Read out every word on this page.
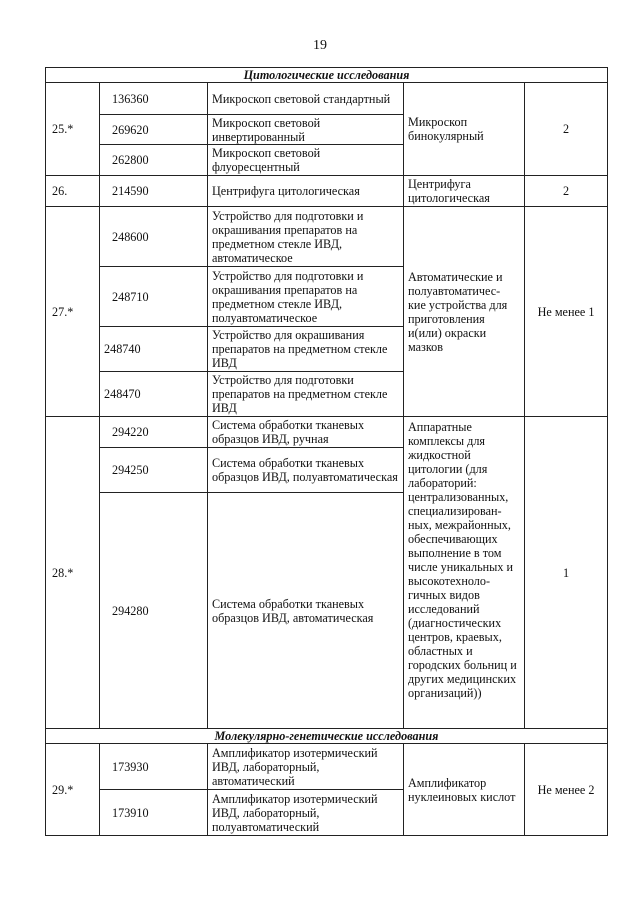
19
Цитологические исследования				
25.*	136360	Микроскоп световой стандартный	Микроскоп бинокулярный	2
	269620	Микроскоп световой инвертированный		
	262800	Микроскоп световой флуоресцентный		
26.	214590	Центрифуга цитологическая	Центрифуга цитологическая	2
27.*	248600	Устройство для подготовки и окрашивания препаратов на предметном стекле ИВД, автоматическое	Автоматические и полуавтоматичес- кие устройства для приготовления и(или) окраски мазков	Не менее 1
	248710	Устройство для подготовки и окрашивания препаратов на предметном стекле ИВД, полуавтоматическое		
	248740	Устройство для окрашивания препаратов на предметном стекле ИВД		
	248470	Устройство для подготовки препаратов на предметном стекле ИВД		
28.*	294220	Система обработки тканевых образцов ИВД, ручная	Аппаратные комплексы для жидкостной цитологии (для лабораторий: централизованных, специализирован- ных, межрайонных, обеспечивающих выполнение в том числе уникальных и высокотехноло- гичных видов исследований (диагностических центров, краевых, областных и городских больниц и других медицинских организаций))	1
	294250	Система обработки тканевых образцов ИВД, полуавтоматическая		
	294280	Система обработки тканевых образцов ИВД, автоматическая		
Молекулярно-генетические исследования				
29.*	173930	Амплификатор изотермический ИВД, лабораторный, автоматический	Амплификатор нуклеиновых кислот	Не менее 2
	173910	Амплификатор изотермический ИВД, лабораторный, полуавтоматический		
